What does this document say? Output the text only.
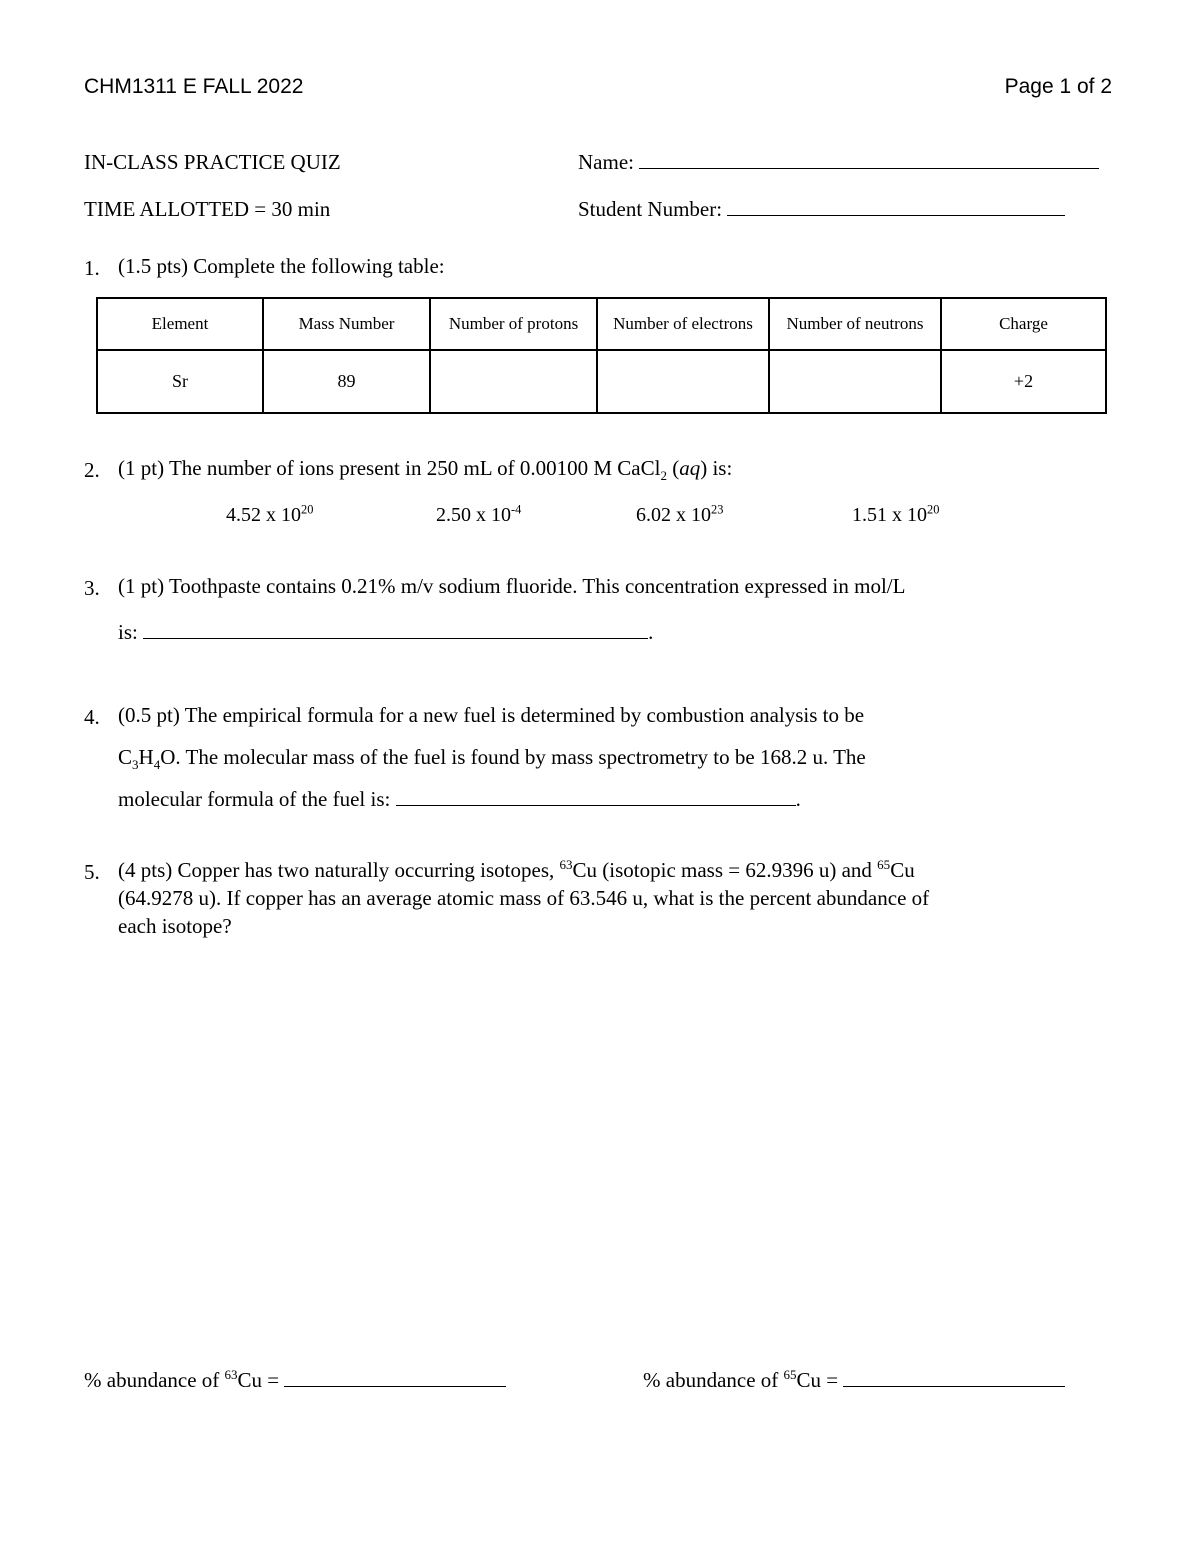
CHM1311 E FALL 2022	Page 1 of 2
IN-CLASS PRACTICE QUIZ	Name:
TIME ALLOTTED = 30 min	Student Number:
1. (1.5 pts) Complete the following table:
Element	Mass Number	Number of protons	Number of electrons	Number of neutrons	Charge
Sr	89				+2
2. (1 pt) The number of ions present in 250 mL of 0.00100 M CaCl$_2$ (aq) is:
4.52 x $10^{20}$	2.50 x $10^{-4}$	6.02 x $10^{23}$	1.51 x $10^{20}$
3. (1 pt) Toothpaste contains 0.21% m/v sodium fluoride. This concentration expressed in mol/L
is:	.
4. (0.5 pt) The empirical formula for a new fuel is determined by combustion analysis to be
$C_3H_4O$. The molecular mass of the fuel is found by mass spectrometry to be 168.2 u. The
molecular formula of the fuel is:	.
5. (4 pts) Copper has two naturally occurring isotopes, $^{63}$Cu (isotopic mass = 62.9396 u) and $^{65}$Cu
(64.9278 u). If copper has an average atomic mass of 63.546 u, what is the percent abundance of
each isotope?
% abundance of $^{63}$Cu =	% abundance of $^{65}$Cu =
